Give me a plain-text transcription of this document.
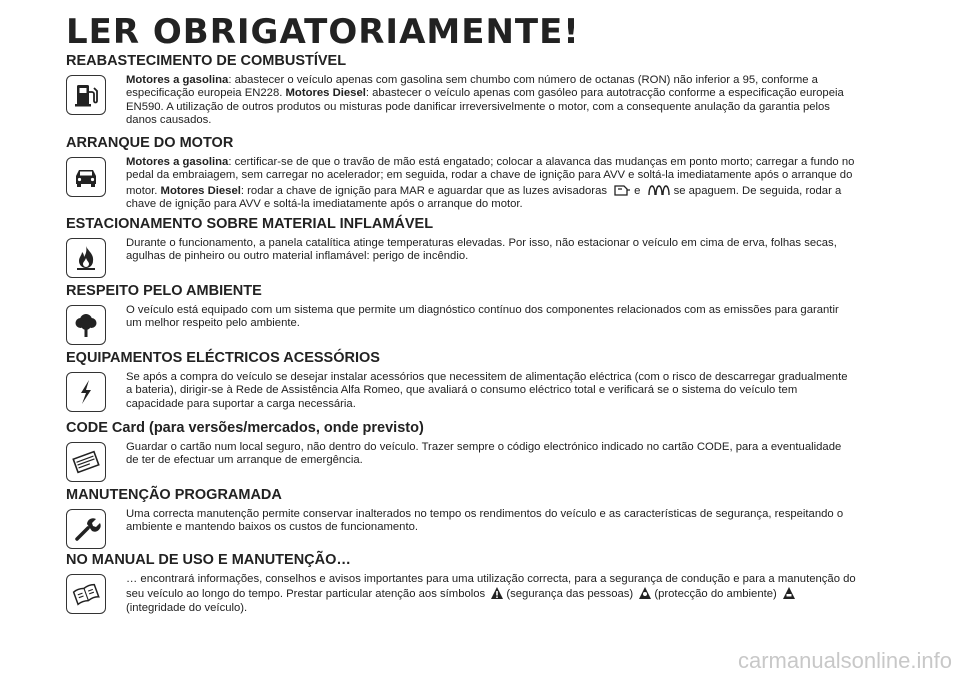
LER OBRIGATORIAMENTE!
REABASTECIMENTO DE COMBUSTÍVEL

Motores a gasolina: abastecer o veículo apenas com gasolina sem chumbo com número de octanas (RON) não inferior a 95, conforme a especificação europeia EN228. Motores Diesel: abastecer o veículo apenas com gasóleo para autotracção conforme a especificação europeia EN590. A utilização de outros produtos ou misturas pode danificar irreversivelmente o motor, com a consequente anulação da garantia pelos danos causados.

ARRANQUE DO MOTOR

Motores a gasolina: certificar-se de que o travão de mão está engatado; colocar a alavanca das mudanças em ponto morto; carregar a fundo no pedal da embraiagem, sem carregar no acelerador; em seguida, rodar a chave de ignição para AVV e soltá-la imediatamente após o arranque do motor. Motores Diesel: rodar a chave de ignição para MAR e aguardar que as luzes avisadoras e	se apaguem. De seguida, rodar a chave de ignição para AVV e soltá-la imediatamente após o arranque do motor.

ESTACIONAMENTO SOBRE MATERIAL INFLAMÁVEL

Durante o funcionamento, a panela catalítica atinge temperaturas elevadas. Por isso, não estacionar o veículo em cima de erva, folhas secas, agulhas de pinheiro ou outro material inflamável: perigo de incêndio.

RESPEITO PELO AMBIENTE

O veículo está equipado com um sistema que permite um diagnóstico contínuo dos componentes relacionados com as emissões para garantir um melhor respeito pelo ambiente.

EQUIPAMENTOS ELÉCTRICOS ACESSÓRIOS

Se após a compra do veículo se desejar instalar acessórios que necessitem de alimentação eléctrica (com o risco de descarregar gradualmente a bateria), dirigir-se à Rede de Assistência Alfa Romeo, que avaliará o consumo eléctrico total e verificará se o sistema do veículo tem capacidade para suportar a carga necessária.

CODE Card (para versões/mercados, onde previsto)

Guardar o cartão num local seguro, não dentro do veículo. Trazer sempre o código electrónico indicado no cartão CODE, para a eventualidade de ter de efectuar um arranque de emergência.

MANUTENÇÃO PROGRAMADA

Uma correcta manutenção permite conservar inalterados no tempo os rendimentos do veículo e as características de segurança, respeitando o ambiente e mantendo baixos os custos de funcionamento.

NO MANUAL DE USO E MANUTENÇÃO…

… encontrará informações, conselhos e avisos importantes para uma utilização correcta, para a segurança de condução e para a manutenção do seu veículo ao longo do tempo. Prestar particular atenção aos símbolos (segurança das pessoas) (protecção do ambiente) (integridade do veículo).

carmanualsonline.info
